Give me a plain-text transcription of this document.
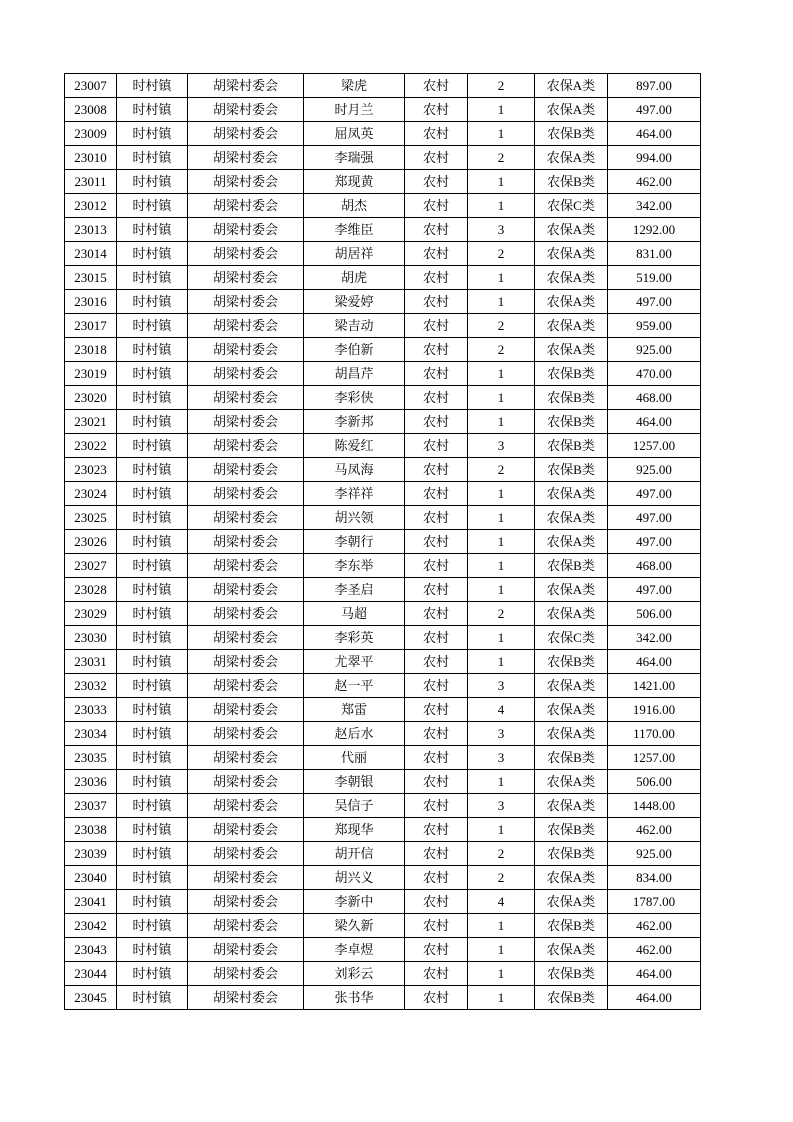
23007	时村镇	胡梁村委会	梁虎	农村	2	农保A类	897.00
23008	时村镇	胡梁村委会	时月兰	农村	1	农保A类	497.00
23009	时村镇	胡梁村委会	屈凤英	农村	1	农保B类	464.00
23010	时村镇	胡梁村委会	李瑞强	农村	2	农保A类	994.00
23011	时村镇	胡梁村委会	郑现黄	农村	1	农保B类	462.00
23012	时村镇	胡梁村委会	胡杰	农村	1	农保C类	342.00
23013	时村镇	胡梁村委会	李维臣	农村	3	农保A类	1292.00
23014	时村镇	胡梁村委会	胡居祥	农村	2	农保A类	831.00
23015	时村镇	胡梁村委会	胡虎	农村	1	农保A类	519.00
23016	时村镇	胡梁村委会	梁爱婷	农村	1	农保A类	497.00
23017	时村镇	胡梁村委会	梁吉动	农村	2	农保A类	959.00
23018	时村镇	胡梁村委会	李伯新	农村	2	农保A类	925.00
23019	时村镇	胡梁村委会	胡昌芹	农村	1	农保B类	470.00
23020	时村镇	胡梁村委会	李彩侠	农村	1	农保B类	468.00
23021	时村镇	胡梁村委会	李新邦	农村	1	农保B类	464.00
23022	时村镇	胡梁村委会	陈爱红	农村	3	农保B类	1257.00
23023	时村镇	胡梁村委会	马凤海	农村	2	农保B类	925.00
23024	时村镇	胡梁村委会	李祥祥	农村	1	农保A类	497.00
23025	时村镇	胡梁村委会	胡兴领	农村	1	农保A类	497.00
23026	时村镇	胡梁村委会	李朝行	农村	1	农保A类	497.00
23027	时村镇	胡梁村委会	李东举	农村	1	农保B类	468.00
23028	时村镇	胡梁村委会	李圣启	农村	1	农保A类	497.00
23029	时村镇	胡梁村委会	马超	农村	2	农保A类	506.00
23030	时村镇	胡梁村委会	李彩英	农村	1	农保C类	342.00
23031	时村镇	胡梁村委会	尤翠平	农村	1	农保B类	464.00
23032	时村镇	胡梁村委会	赵一平	农村	3	农保A类	1421.00
23033	时村镇	胡梁村委会	郑雷	农村	4	农保A类	1916.00
23034	时村镇	胡梁村委会	赵后水	农村	3	农保A类	1170.00
23035	时村镇	胡梁村委会	代丽	农村	3	农保B类	1257.00
23036	时村镇	胡梁村委会	李朝银	农村	1	农保A类	506.00
23037	时村镇	胡梁村委会	吴信子	农村	3	农保A类	1448.00
23038	时村镇	胡梁村委会	郑现华	农村	1	农保B类	462.00
23039	时村镇	胡梁村委会	胡开信	农村	2	农保B类	925.00
23040	时村镇	胡梁村委会	胡兴义	农村	2	农保A类	834.00
23041	时村镇	胡梁村委会	李新中	农村	4	农保A类	1787.00
23042	时村镇	胡梁村委会	梁久新	农村	1	农保B类	462.00
23043	时村镇	胡梁村委会	李卓煜	农村	1	农保A类	462.00
23044	时村镇	胡梁村委会	刘彩云	农村	1	农保B类	464.00
23045	时村镇	胡梁村委会	张书华	农村	1	农保B类	464.00
